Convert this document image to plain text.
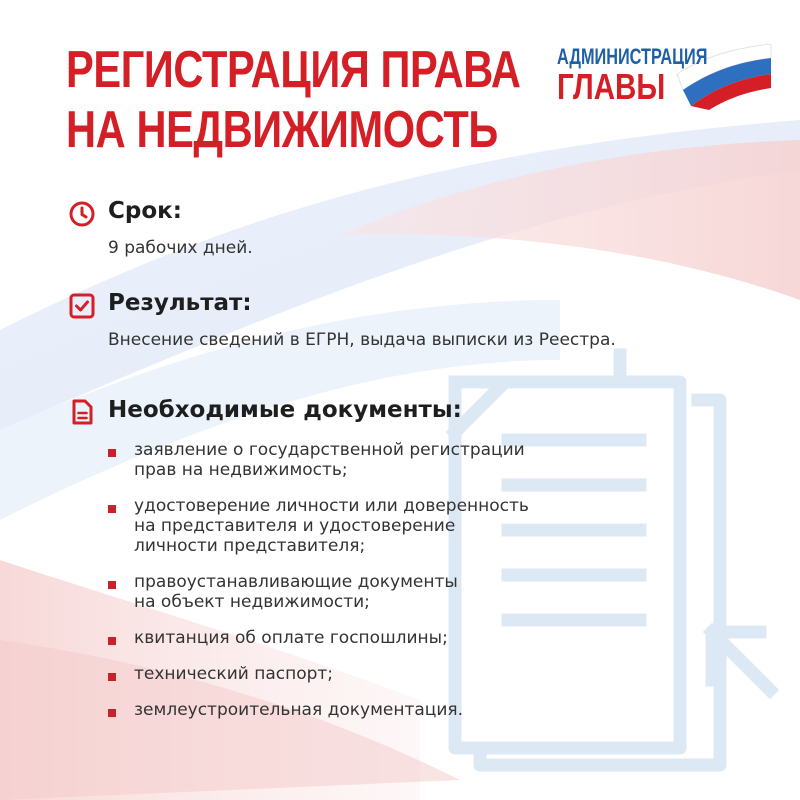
РЕГИСТРАЦИЯ ПРАВА
НА НЕДВИЖИМОСТЬ
АДМИНИСТРАЦИЯ
ГЛАВЫ
Срок:

9 рабочих дней.

Результат:

Внесение сведений в ЕГРН, выдача выписки из Реестра.

Необходимые документы:
заявление о государственной регистрации
прав на недвижимость;
удостоверение личности или доверенность
на представителя и удостоверение
личности представителя;
правоустанавливающие документы
на объект недвижимости;
квитанция об оплате госпошлины;
технический паспорт;
землеустроительная документация.
